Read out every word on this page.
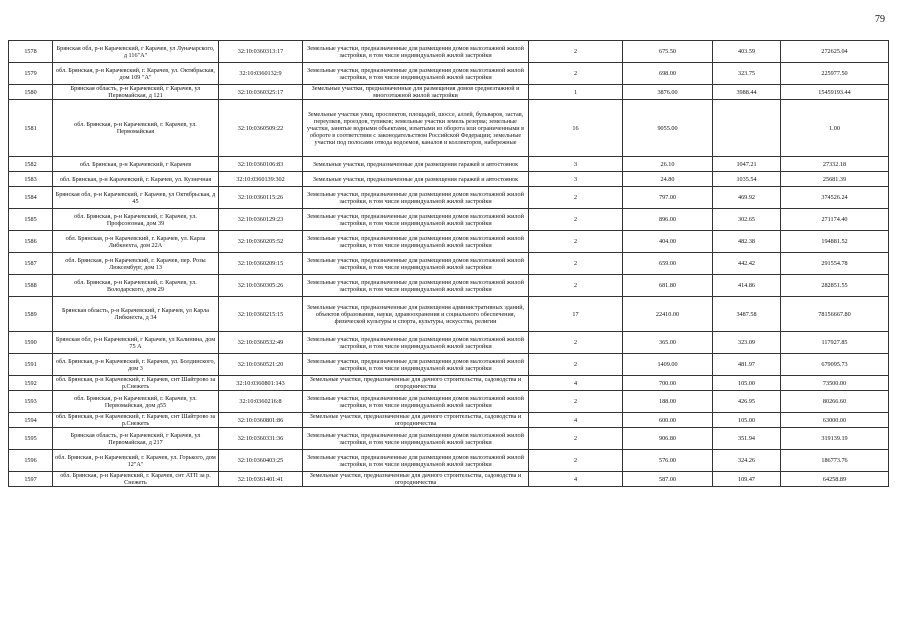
79
1578	Брянская обл, р-н Карачевский, г Карачев, ул Луначарского, д 116"А"	32:10:0360313:17	Земельные участки, предназначенные для размещения домов малоэтажной жилой застройки, в том числе индивидуальной жилой застройки	2	675.50	403.59	272625.04
1579	обл. Брянская, р-н Карачевский, г. Карачев, ул. Октябрьская, дом 109 "А"	32:10:0360132:9	Земельные участки, предназначенные для размещения домов малоэтажной жилой застройки, в том числе индивидуальной жилой застройки	2	698.00	323.75	225977.50
1580	Брянская область, р-н Карачевский, г Карачев, ул Первомайская, д 121	32:10:0360325:17	Земельные участки, предназначенные для размещения домов среднеэтажной и многоэтажной жилой застройки	1	3876.00	3988.44	15459193.44
1581	обл. Брянская, р-н Карачевский, г. Карачев, ул. Первомайская	32:10:0360509:22	Земельные участки улиц, проспектов, площадей, шоссе, аллей, бульваров, застав, переулков, проездов, тупиков; земельные участки земель резерва; земельные участки, занятые водными объектами, изъятыми из оборота или ограниченными в обороте в соответствии с законодательством Российской Федерации; земельные участки под полосами отвода водоемов, каналов и коллекторов, набережные	16	9055.00		1.00
1582	обл. Брянская, р-н Карачевский, г Карачев	32:10:0360106:83	Земельные участки, предназначенные для размещения гаражей и автостоянок	3	26.10	1047.21	27332.18
1583	обл. Брянская, р-н Карачевский, г. Карачев, ул. Кузнечная	32:10:0360139:302	Земельные участки, предназначенные для размещения гаражей и автостоянок	3	24.80	1035.54	25681.39
1584	Брянская обл, р-н Карачевский, г Карачев, ул Октябрьская, д 45	32:10:0360115:26	Земельные участки, предназначенные для размещения домов малоэтажной жилой застройки, в том числе индивидуальной жилой застройки	2	797.00	469.92	374526.24
1585	обл. Брянская, р-н Карачевский, г. Карачев, ул. Профсоюзная, дом 39	32:10:0360129:23	Земельные участки, предназначенные для размещения домов малоэтажной жилой застройки, в том числе индивидуальной жилой застройки	2	896.00	302.65	271174.40
1586	обл. Брянская, р-н Карачевский, г. Карачев, ул. Карла Либкнехта, дом 22А	32:10:0360205:52	Земельные участки, предназначенные для размещения домов малоэтажной жилой застройки, в том числе индивидуальной жилой застройки	2	404.00	482.38	194881.52
1587	обл. Брянская, р-н Карачевский, г. Карачев, пер. Розы Люксембург, дом 13	32:10:0360209:15	Земельные участки, предназначенные для размещения домов малоэтажной жилой застройки, в том числе индивидуальной жилой застройки	2	659.00	442.42	291554.78
1588	обл. Брянская, р-н Карачевский, г. Карачев, ул. Володарского, дом 29	32:10:0360305:26	Земельные участки, предназначенные для размещения домов малоэтажной жилой застройки, в том числе индивидуальной жилой застройки	2	681.80	414.86	282851.55
1589	Брянская область, р-н Карачевский, г Карачев, ул Карла Либкнехта, д 34	32:10:0360215:15	Земельные участки, предназначенные для размещения административных зданий, объектов образования, науки, здравоохранения и социального обеспечения, физической культуры и спорта, культуры, искусства, религии	17	22410.00	3487.58	78156667.80
1590	Брянская обл, р-н Карачевский, г Карачев, ул Калинина, дом 75 А	32:10:0360532:49	Земельные участки, предназначенные для размещения домов малоэтажной жилой застройки, в том числе индивидуальной жилой застройки	2	365.00	323.09	117927.85
1591	обл. Брянская, р-н Карачевский, г. Карачев, ул. Болдинского, дом 3	32:10:0360521:20	Земельные участки, предназначенные для размещения домов малоэтажной жилой застройки, в том числе индивидуальной жилой застройки	2	1409.00	481.97	679095.73
1592	обл. Брянская, р-н Карачевский, г. Карачев, снт Шайтрово за р.Снежеть	32:10:0360801:143	Земельные участки, предназначенные для дачного строительства, садоводства и огородничества	4	700.00	105.00	73500.00
1593	обл. Брянская, р-н Карачевский, г. Карачев, ул. Первомайская, дом д55	32:10:0360216:8	Земельные участки, предназначенные для размещения домов малоэтажной жилой застройки, в том числе индивидуальной жилой застройки	2	188.00	426.95	80266.60
1594	обл. Брянская, р-н Карачевский, г. Карачев, снт Шайтрово за р.Снежеть	32:10:0360801:86	Земельные участки, предназначенные для дачного строительства, садоводства и огородничества	4	600.00	105.00	63000.00
1595	Брянская область, р-н Карачевский, г Карачев, ул Первомайская, д 217	32:10:0360331:36	Земельные участки, предназначенные для размещения домов малоэтажной жилой застройки, в том числе индивидуальной жилой застройки	2	906.80	351.94	319139.19
1596	обл. Брянская, р-н Карачевский, г. Карачев, ул. Горького, дом 12"А"	32:10:0360403:25	Земельные участки, предназначенные для размещения домов малоэтажной жилой застройки, в том числе индивидуальной жилой застройки	2	576.00	324.26	186773.76
1597	обл. Брянская, р-н Карачевский, г. Карачев, снт АТП за р. Снежеть	32:10:0361401:41	Земельные участки, предназначенные для дачного строительства, садоводства и огородничества	4	587.00	109.47	64258.89
